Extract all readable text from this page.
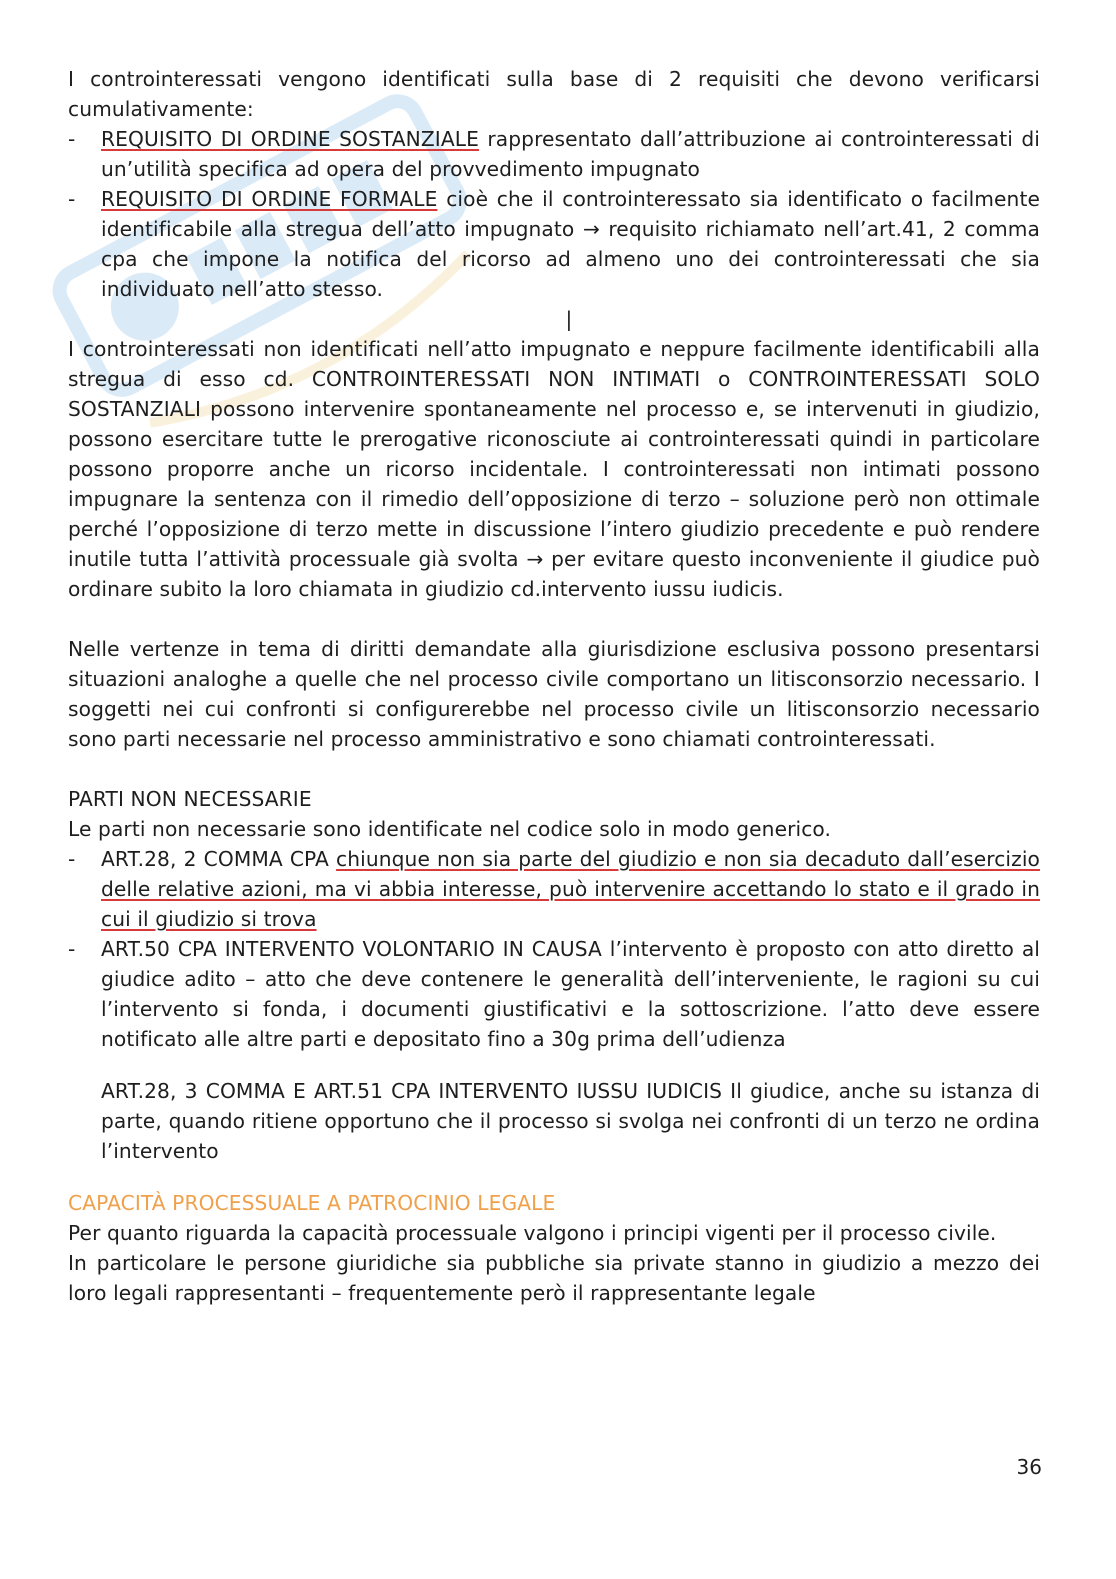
I controinteressati vengono identificati sulla base di 2 requisiti che devono verificarsi cumulativamente:

- REQUISITO DI ORDINE SOSTANZIALE rappresentato dall’attribuzione ai controinteressati di un’utilità specifica ad opera del provvedimento impugnato
- REQUISITO DI ORDINE FORMALE cioè che il controinteressato sia identificato o facilmente identificabile alla stregua dell’atto impugnato → requisito richiamato nell’art.41, 2 comma cpa che impone la notifica del ricorso ad almeno uno dei controinteressati che sia individuato nell’atto stesso.
|

I controinteressati non identificati nell’atto impugnato e neppure facilmente identificabili alla stregua di esso cd. CONTROINTERESSATI NON INTIMATI o CONTROINTERESSATI SOLO SOSTANZIALI possono intervenire spontaneamente nel processo e, se intervenuti in giudizio, possono esercitare tutte le prerogative riconosciute ai controinteressati quindi in particolare possono proporre anche un ricorso incidentale. I controinteressati non intimati possono impugnare la sentenza con il rimedio dell’opposizione di terzo – soluzione però non ottimale perché l’opposizione di terzo mette in discussione l’intero giudizio precedente e può rendere inutile tutta l’attività processuale già svolta → per evitare questo inconveniente il giudice può ordinare subito la loro chiamata in giudizio cd.intervento iussu iudicis.

Nelle vertenze in tema di diritti demandate alla giurisdizione esclusiva possono presentarsi situazioni analoghe a quelle che nel processo civile comportano un litisconsorzio necessario. I soggetti nei cui confronti si configurerebbe nel processo civile un litisconsorzio necessario sono parti necessarie nel processo amministrativo e sono chiamati controinteressati.

PARTI NON NECESSARIE

Le parti non necessarie sono identificate nel codice solo in modo generico.

- ART.28, 2 COMMA CPA chiunque non sia parte del giudizio e non sia decaduto dall’esercizio delle relative azioni, ma vi abbia interesse, può intervenire accettando lo stato e il grado in cui il giudizio si trova
- ART.50 CPA INTERVENTO VOLONTARIO IN CAUSA l’intervento è proposto con atto diretto al giudice adito – atto che deve contenere le generalità dell’interveniente, le ragioni su cui l’intervento si fonda, i documenti giustificativi e la sottoscrizione. l’atto deve essere notificato alle altre parti e depositato fino a 30g prima dell’udienza

ART.28, 3 COMMA E ART.51 CPA INTERVENTO IUSSU IUDICIS Il giudice, anche su istanza di parte, quando ritiene opportuno che il processo si svolga nei confronti di un terzo ne ordina l’intervento

CAPACITÀ PROCESSUALE A PATROCINIO LEGALE

Per quanto riguarda la capacità processuale valgono i principi vigenti per il processo civile.

In particolare le persone giuridiche sia pubbliche sia private stanno in giudizio a mezzo dei loro legali rappresentanti – frequentemente però il rappresentante legale

36
